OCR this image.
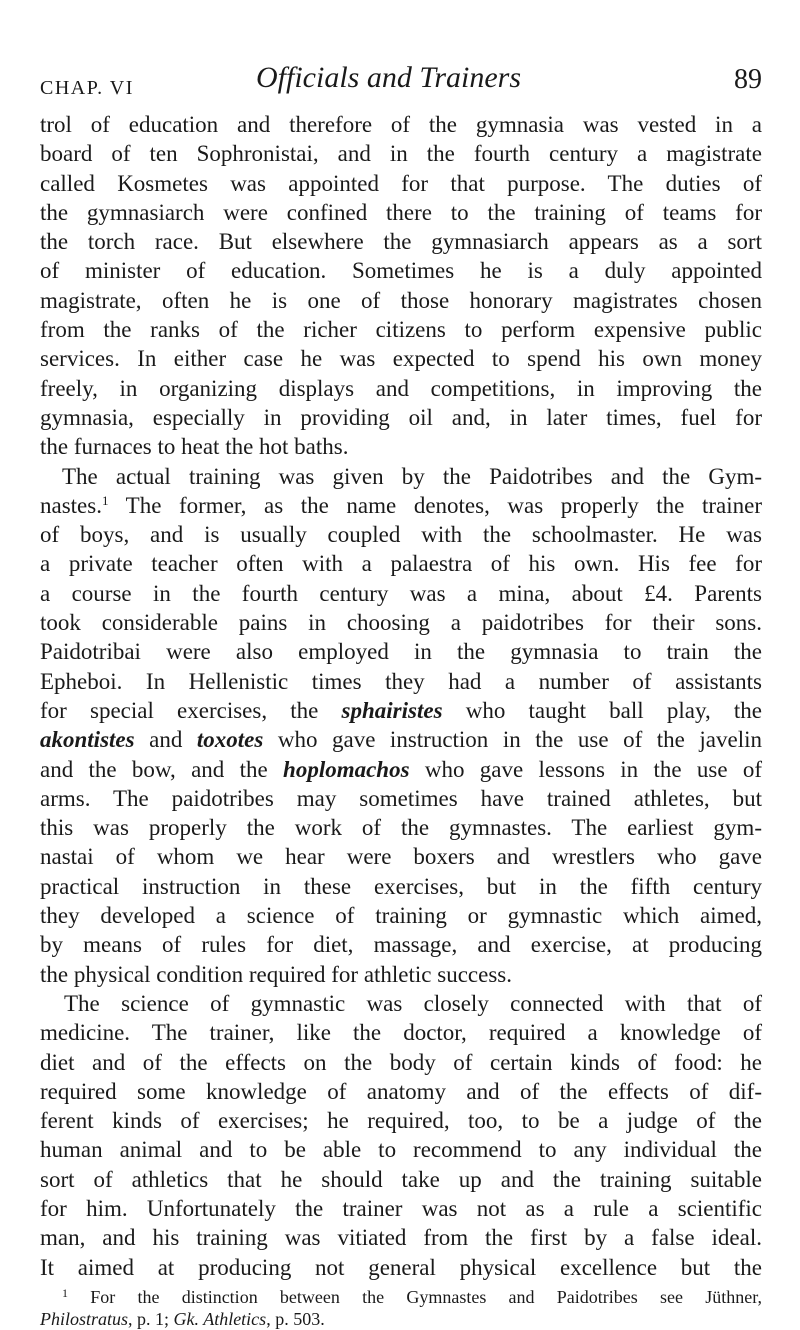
CHAP. VI	Officials and Trainers	89
trol of education and therefore of the gymnasia was vested in a
board of ten Sophronistai, and in the fourth century a magistrate
called Kosmetes was appointed for that purpose. The duties of
the gymnasiarch were confined there to the training of teams for
the torch race. But elsewhere the gymnasiarch appears as a sort
of minister of education. Sometimes he is a duly appointed
magistrate, often he is one of those honorary magistrates chosen
from the ranks of the richer citizens to perform expensive public
services. In either case he was expected to spend his own money
freely, in organizing displays and competitions, in improving the
gymnasia, especially in providing oil and, in later times, fuel for
the furnaces to heat the hot baths.
The actual training was given by the Paidotribes and the Gym-
nastes.$^1$ The former, as the name denotes, was properly the trainer
of boys, and is usually coupled with the schoolmaster. He was
a private teacher often with a palaestra of his own. His fee for
a course in the fourth century was a mina, about £4. Parents
took considerable pains in choosing a paidotribes for their sons.
Paidotribai were also employed in the gymnasia to train the
Epheboi. In Hellenistic times they had a number of assistants
for special exercises, the sphairistes who taught ball play, the
akontistes and toxotes who gave instruction in the use of the javelin
and the bow, and the hoplomachos who gave lessons in the use of
arms. The paidotribes may sometimes have trained athletes, but
this was properly the work of the gymnastes. The earliest gym-
nastai of whom we hear were boxers and wrestlers who gave
practical instruction in these exercises, but in the fifth century
they developed a science of training or gymnastic which aimed,
by means of rules for diet, massage, and exercise, at producing
the physical condition required for athletic success.
The science of gymnastic was closely connected with that of
medicine. The trainer, like the doctor, required a knowledge of
diet and of the effects on the body of certain kinds of food: he
required some knowledge of anatomy and of the effects of dif-
ferent kinds of exercises; he required, too, to be a judge of the
human animal and to be able to recommend to any individual the
sort of athletics that he should take up and the training suitable
for him. Unfortunately the trainer was not as a rule a scientific
man, and his training was vitiated from the first by a false ideal.
It aimed at producing not general physical excellence but the
$^1$ For the distinction between the Gymnastes and Paidotribes see Jüthner,
Philostratus, p. 1; Gk. Athletics, p. 503.
